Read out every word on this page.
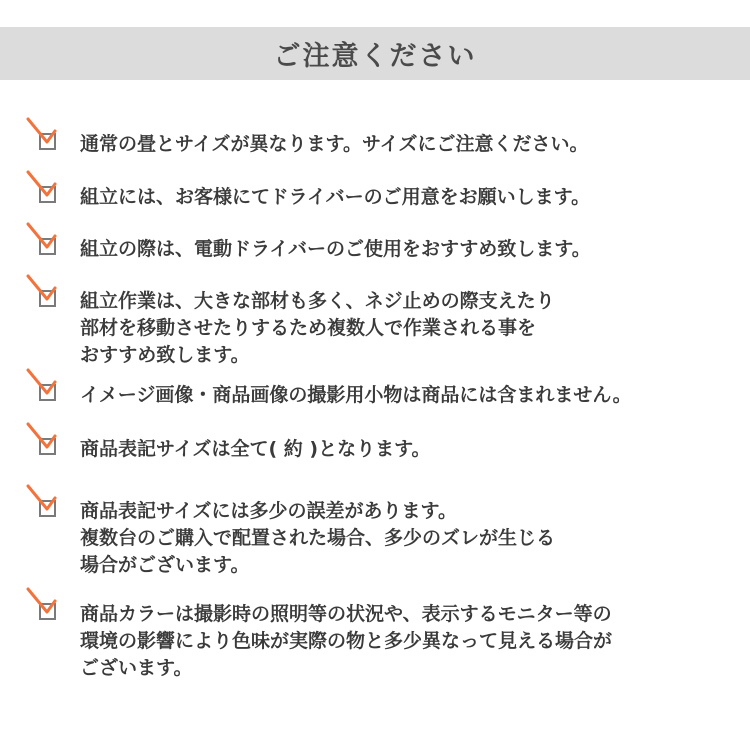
ご注意ください
通常の畳とサイズが異なります。サイズにご注意ください。
組立には、お客様にてドライバーのご用意をお願いします。
組立の際は、電動ドライバーのご使用をおすすめ致します。
組立作業は、大きな部材も多く、ネジ止めの際支えたり
部材を移動させたりするため複数人で作業される事を
おすすめ致します。
イメージ画像・商品画像の撮影用小物は商品には含まれません。
商品表記サイズは全て( 約 )となります。
商品表記サイズには多少の誤差があります。
複数台のご購入で配置された場合、多少のズレが生じる
場合がございます。
商品カラーは撮影時の照明等の状況や、表示するモニター等の
環境の影響により色味が実際の物と多少異なって見える場合が
ございます。
